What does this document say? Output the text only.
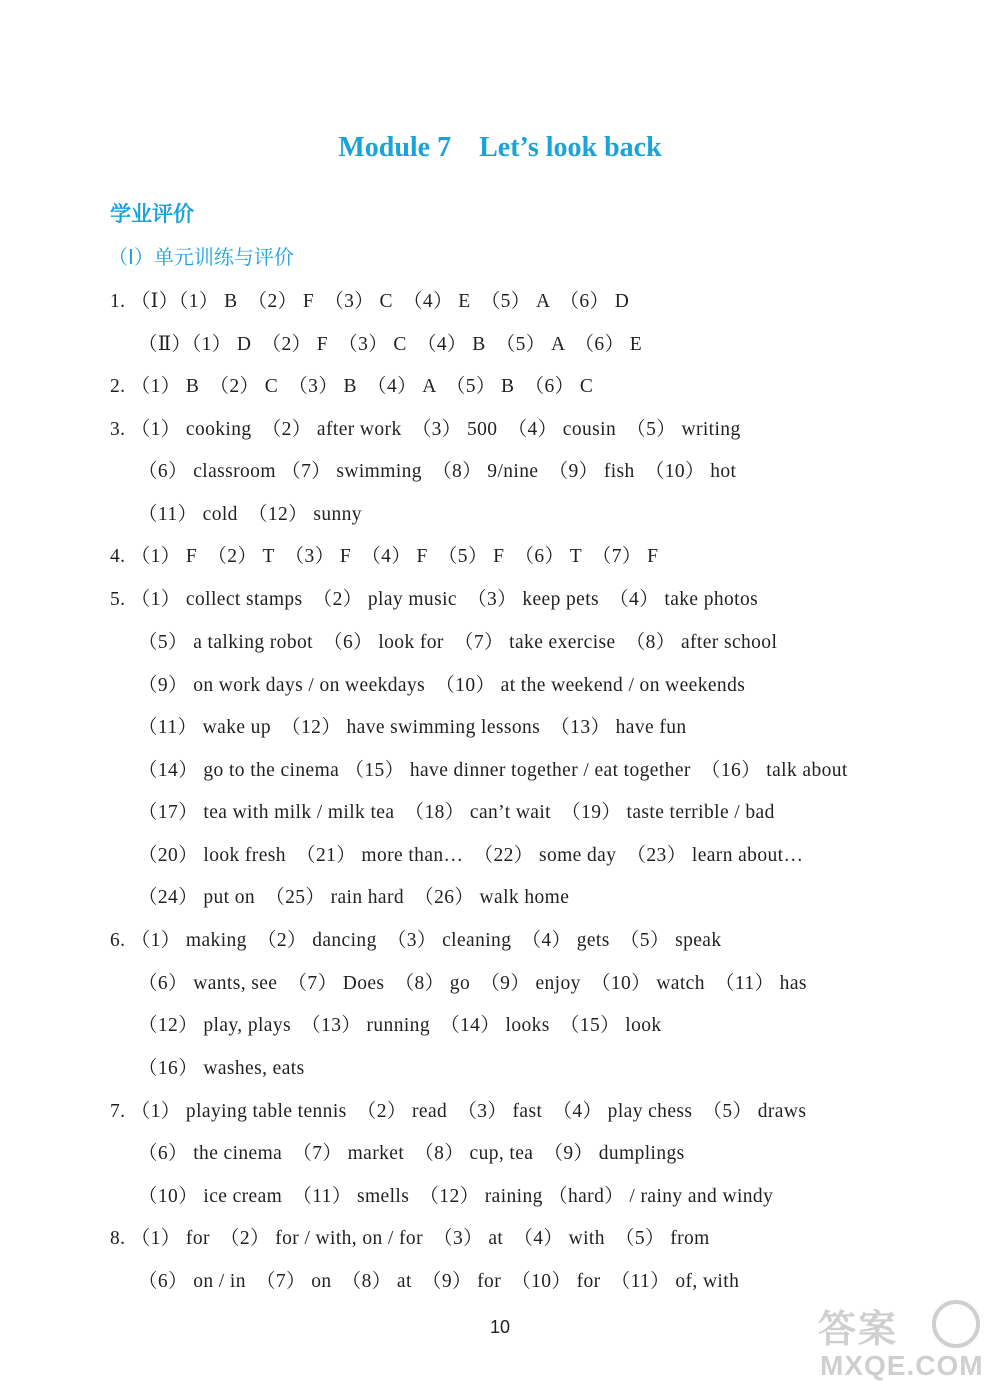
Module 7 Let’s look back
学业评价
（Ⅰ）单元训练与评价
1. （Ⅰ）（1） B　（2） F　（3） C　（4） E　（5） A　（6） D
（Ⅱ）（1） D　（2） F　（3） C　（4） B　（5） A　（6） E
2. （1） B　（2） C　（3） B　（4） A　（5） B　（6） C
3. （1） cooking　（2） after work　（3） 500　（4） cousin　（5） writing
（6） classroom （7） swimming　（8） 9/nine　（9） fish　（10） hot
（11） cold　（12） sunny
4. （1） F　（2） T　（3） F　（4） F　（5） F　（6） T　（7） F
5. （1） collect stamps　（2） play music　（3） keep pets　（4） take photos
（5） a talking robot　（6） look for　（7） take exercise　（8） after school
（9） on work days / on weekdays　（10） at the weekend / on weekends
（11） wake up　（12） have swimming lessons　（13） have fun
（14） go to the cinema （15） have dinner together / eat together　（16） talk about
（17） tea with milk / milk tea　（18） can’t wait　（19） taste terrible / bad
（20） look fresh　（21） more than…　（22） some day　（23） learn about…
（24） put on　（25） rain hard　（26） walk home
6. （1） making　（2） dancing　（3） cleaning　（4） gets　（5） speak
（6） wants, see　（7） Does　（8） go　（9） enjoy　（10） watch　（11） has
（12） play, plays　（13） running　（14） looks　（15） look
（16） washes, eats
7. （1） playing table tennis　（2） read　（3） fast　（4） play chess　（5） draws
（6） the cinema　（7） market　（8） cup, tea　（9） dumplings
（10） ice cream　（11） smells　（12） raining （hard） / rainy and windy
8. （1） for　（2） for / with, on / for　（3） at　（4） with　（5） from
（6） on / in　（7） on　（8） at　（9） for　（10） for　（11） of, with
10	答案
MXQE.COM
